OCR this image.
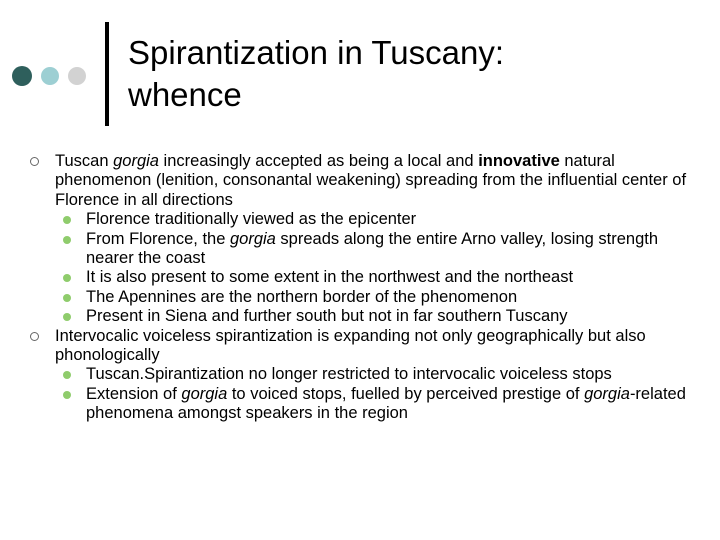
Spirantization in Tuscany:
whence
Tuscan gorgia increasingly accepted as being a local and innovative natural phenomenon (lenition, consonantal weakening) spreading from the influential center of Florence in all directions
Florence traditionally viewed as the epicenter
From Florence, the gorgia spreads along the entire Arno valley, losing strength nearer the coast
It is also present to some extent in the northwest and the northeast
The Apennines are the northern border of the phenomenon
Present in Siena and further south but not in far southern Tuscany
Intervocalic voiceless spirantization is expanding not only geographically but also phonologically
Tuscan.Spirantization no longer restricted to intervocalic voiceless stops
Extension of gorgia to voiced stops, fuelled by perceived prestige of gorgia-related phenomena amongst speakers in the region
